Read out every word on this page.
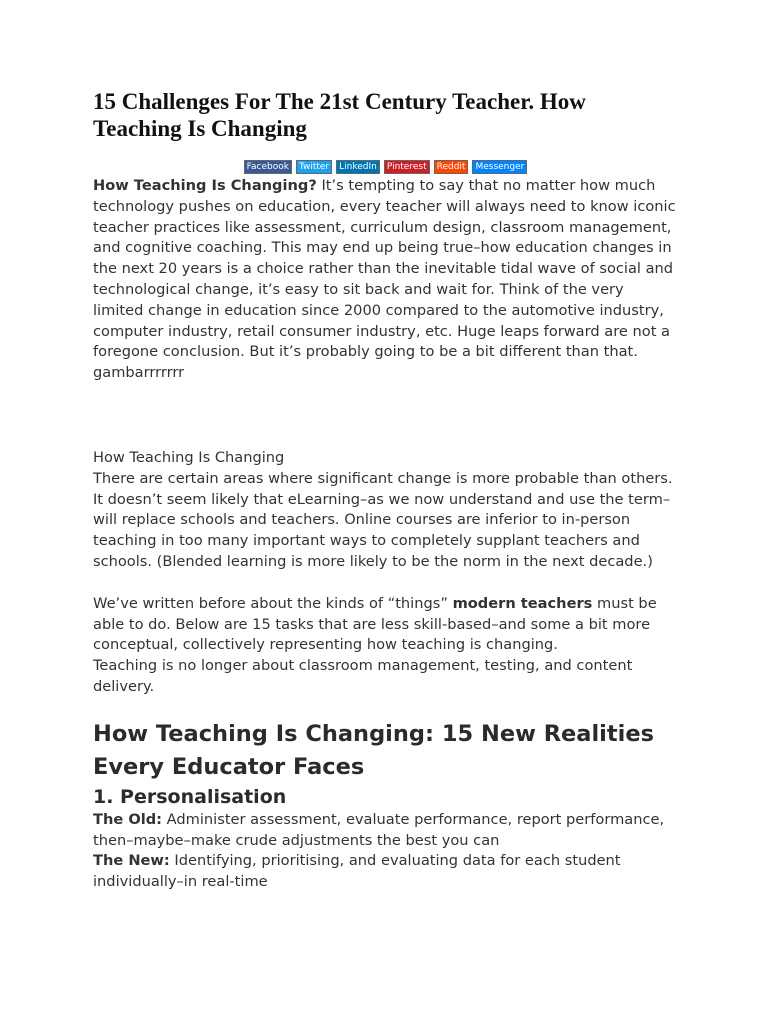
15 Challenges For The 21st Century Teacher. How Teaching Is Changing
Facebook	Twitter	LinkedIn	Pinterest	Reddit	Messenger

How Teaching Is Changing? It’s tempting to say that no matter how much technology pushes on education, every teacher will always need to know iconic teacher practices like assessment, curriculum design, classroom management, and cognitive coaching. This may end up being true–how education changes in the next 20 years is a choice rather than the inevitable tidal wave of social and technological change, it’s easy to sit back and wait for. Think of the very limited change in education since 2000 compared to the automotive industry, computer industry, retail consumer industry, etc. Huge leaps forward are not a foregone conclusion. But it’s probably going to be a bit different than that.

gambarrrrrrr

How Teaching Is Changing

There are certain areas where significant change is more probable than others. It doesn’t seem likely that eLearning–as we now understand and use the term–will replace schools and teachers. Online courses are inferior to in-person teaching in too many important ways to completely supplant teachers and schools. (Blended learning is more likely to be the norm in the next decade.)

We’ve written before about the kinds of “things” modern teachers must be able to do. Below are 15 tasks that are less skill-based–and some a bit more conceptual, collectively representing how teaching is changing.

Teaching is no longer about classroom management, testing, and content delivery.

How Teaching Is Changing: 15 New Realities Every Educator Faces
1. Personalisation

The Old: Administer assessment, evaluate performance, report performance, then–maybe–make crude adjustments the best you can

The New: Identifying, prioritising, and evaluating data for each student individually–in real-time
